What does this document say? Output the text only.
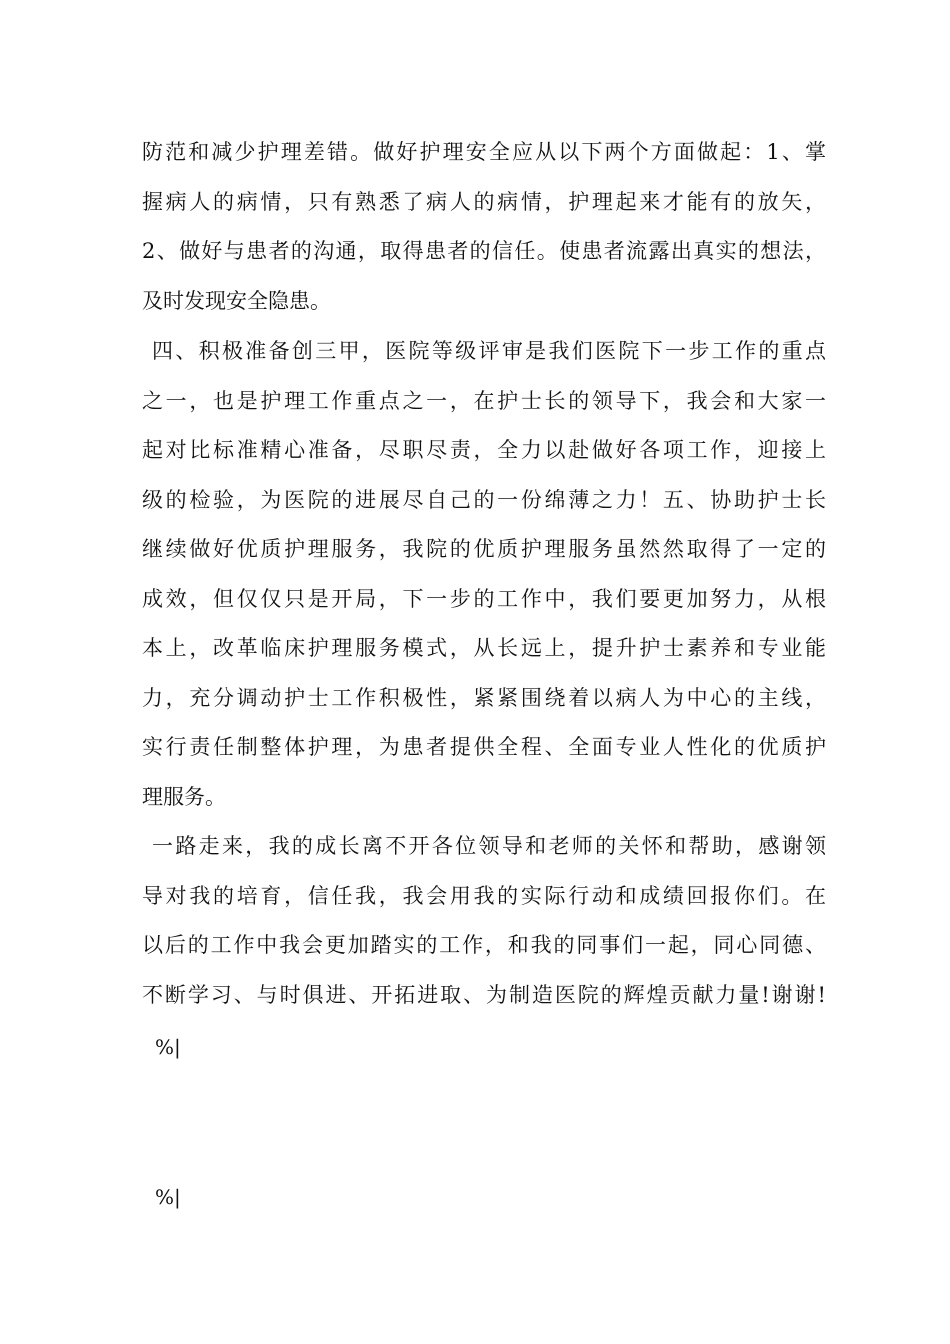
防范和减少护理差错。做好护理安全应从以下两个方面做起：1、掌
握病人的病情，只有熟悉了病人的病情，护理起来才能有的放矢，
2、做好与患者的沟通，取得患者的信任。使患者流露出真实的想法，
及时发现安全隐患。
四、积极准备创三甲，医院等级评审是我们医院下一步工作的重点
之一，也是护理工作重点之一，在护士长的领导下，我会和大家一
起对比标准精心准备，尽职尽责，全力以赴做好各项工作，迎接上
级的检验，为医院的进展尽自己的一份绵薄之力！五、协助护士长
继续做好优质护理服务，我院的优质护理服务虽然然取得了一定的
成效，但仅仅只是开局，下一步的工作中，我们要更加努力，从根
本上，改革临床护理服务模式，从长远上，提升护士素养和专业能
力，充分调动护士工作积极性，紧紧围绕着以病人为中心的主线，
实行责任制整体护理，为患者提供全程、全面专业人性化的优质护
理服务。
一路走来，我的成长离不开各位领导和老师的关怀和帮助，感谢领
导对我的培育，信任我，我会用我的实际行动和成绩回报你们。在
以后的工作中我会更加踏实的工作，和我的同事们一起，同心同德、
不断学习、与时俱进、开拓进取、为制造医院的辉煌贡献力量!谢谢!
%|
%|
